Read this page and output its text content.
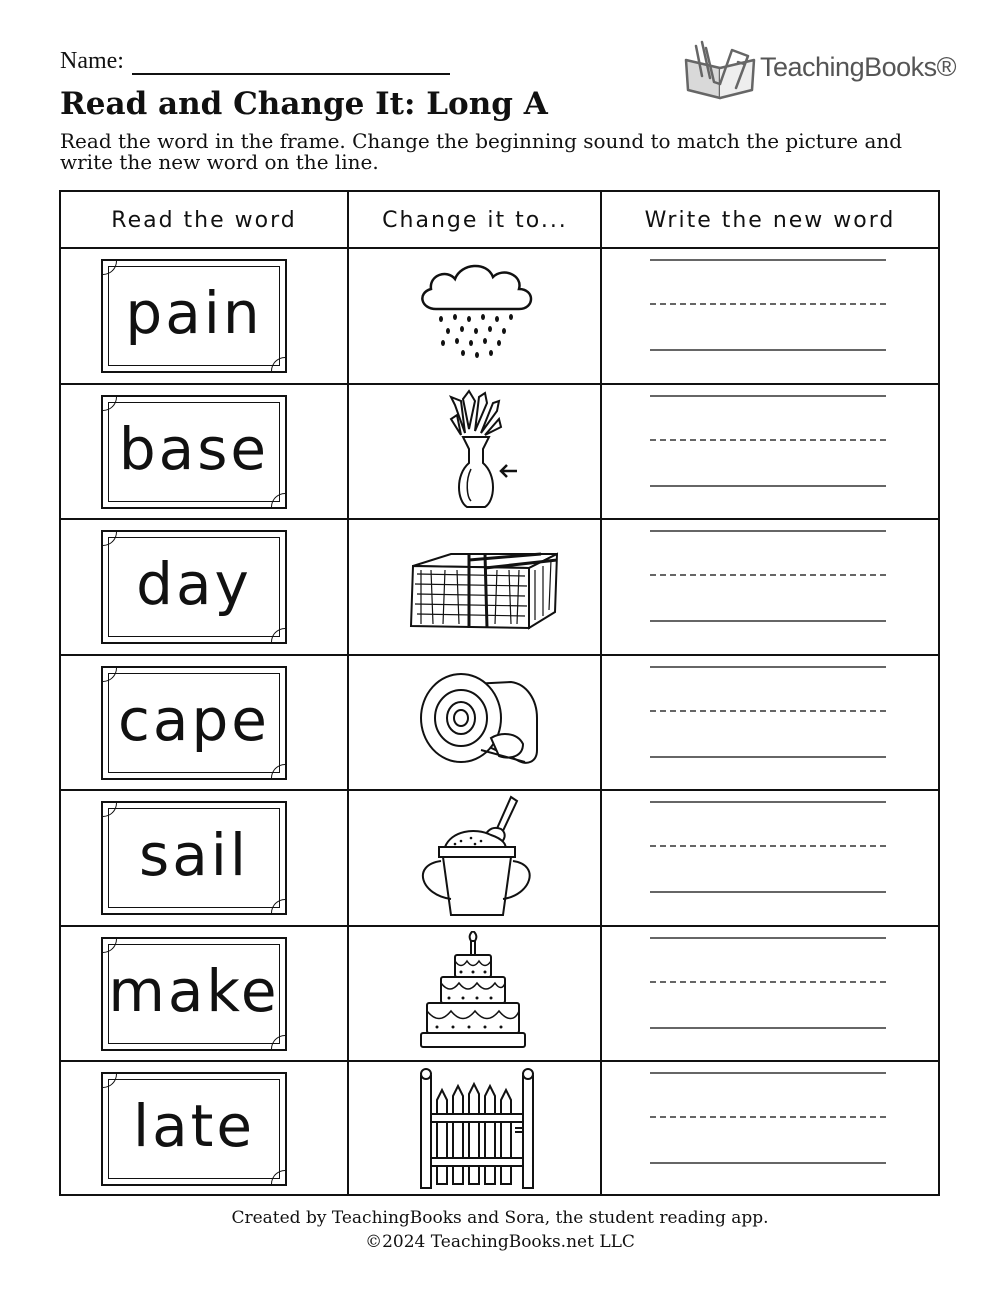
Name:	TeachingBooks®
Read and Change It: Long A
Read the word in the frame. Change the beginning sound to match the picture and write the new word on the line.
Read the word	Change it to...	Write the new word
pain
base
day
cape
sail
make
late
Created by TeachingBooks and Sora, the student reading app.
©2024 TeachingBooks.net LLC
